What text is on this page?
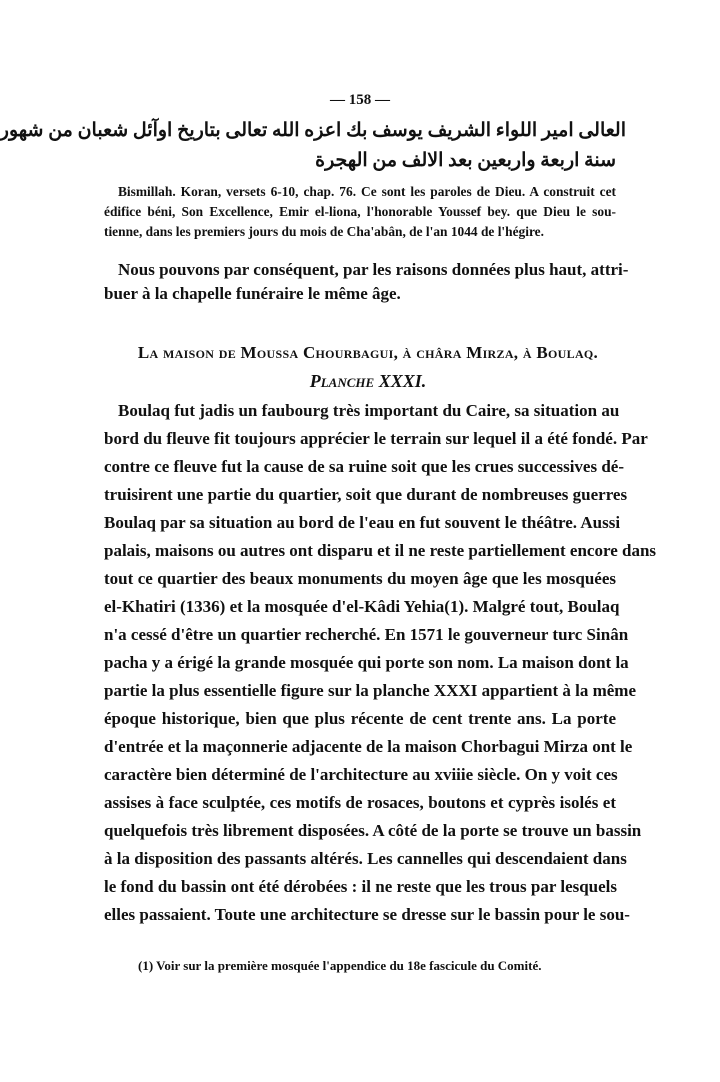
— 158 —
العالى امير اللواء الشريف يوسف بك اعزه الله تعالى بتاريخ اوآئل شعبان من شهور
سنة اربعة واربعين بعد الالف من الهجرة
Bismillah. Koran, versets 6-10, chap. 76. Ce sont les paroles de Dieu. A construit cet
édifice béni, Son Excellence, Emir el-liona, l'honorable Youssef bey. que Dieu le sou-
tienne, dans les premiers jours du mois de Cha'abân, de l'an 1044 de l'hégire.
Nous pouvons par conséquent, par les raisons données plus haut, attri-
buer à la chapelle funéraire le même âge.
La maison de Moussa Chourbagui, à châra Mirza, à Boulaq.
Planche XXXI.
Boulaq fut jadis un faubourg très important du Caire, sa situation au
bord du fleuve fit toujours apprécier le terrain sur lequel il a été fondé. Par
contre ce fleuve fut la cause de sa ruine soit que les crues successives dé-
truisirent une partie du quartier, soit que durant de nombreuses guerres
Boulaq par sa situation au bord de l'eau en fut souvent le théâtre. Aussi
palais, maisons ou autres ont disparu et il ne reste partiellement encore dans
tout ce quartier des beaux monuments du moyen âge que les mosquées
el-Khatiri (1336) et la mosquée d'el-Kâdi Yehia(1). Malgré tout, Boulaq
n'a cessé d'être un quartier recherché. En 1571 le gouverneur turc Sinân
pacha y a érigé la grande mosquée qui porte son nom. La maison dont la
partie la plus essentielle figure sur la planche XXXI appartient à la même
époque historique, bien que plus récente de cent trente ans. La porte
d'entrée et la maçonnerie adjacente de la maison Chorbagui Mirza ont le
caractère bien déterminé de l'architecture au xviiie siècle. On y voit ces
assises à face sculptée, ces motifs de rosaces, boutons et cyprès isolés et
quelquefois très librement disposées. A côté de la porte se trouve un bassin
à la disposition des passants altérés. Les cannelles qui descendaient dans
le fond du bassin ont été dérobées : il ne reste que les trous par lesquels
elles passaient. Toute une architecture se dresse sur le bassin pour le sou-
(1) Voir sur la première mosquée l'appendice du 18e fascicule du Comité.
